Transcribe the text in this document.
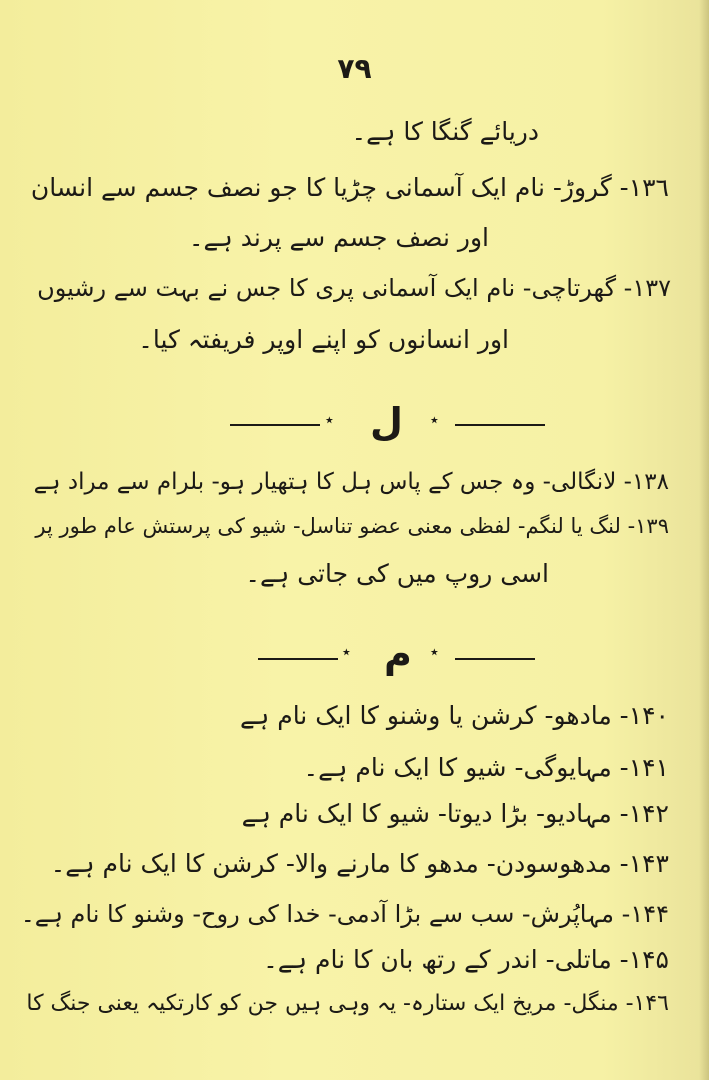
٧٩
دریائے گنگا کا ہے۔
۱۳٦- گروڑ- نام ایک آسمانی چڑیا کا جو نصف جسم سے انسان
اور نصف جسم سے پرند ہے۔
۱۳۷- گھرتاچی- نام ایک آسمانی پری کا جس نے بہت سے رشیوں
اور انسانوں کو اپنے اوپر فریفتہ کیا۔
٭ ل ٭
۱۳۸- لانگالی- وہ جس کے پاس ہل کا ہتھیار ہو- بلرام سے مراد ہے
۱۳۹- لنگ یا لنگم- لفظی معنی عضو تناسل- شیو کی پرستش عام طور پر
اسی روپ میں کی جاتی ہے۔
٭ م ٭
۱۴۰- مادھو- کرشن یا وشنو کا ایک نام ہے
۱۴۱- مہایوگی- شیو کا ایک نام ہے۔
۱۴۲- مہادیو- بڑا دیوتا- شیو کا ایک نام ہے
۱۴۳- مدھوسودن- مدھو کا مارنے والا- کرشن کا ایک نام ہے۔
۱۴۴- مہاپُرش- سب سے بڑا آدمی- خدا کی روح- وشنو کا نام ہے۔
۱۴۵- ماتلی- اندر کے رتھ بان کا نام ہے۔
۱۴٦- منگل- مریخ ایک ستارہ- یہ وہی ہیں جن کو کارتکیہ یعنی جنگ کا
